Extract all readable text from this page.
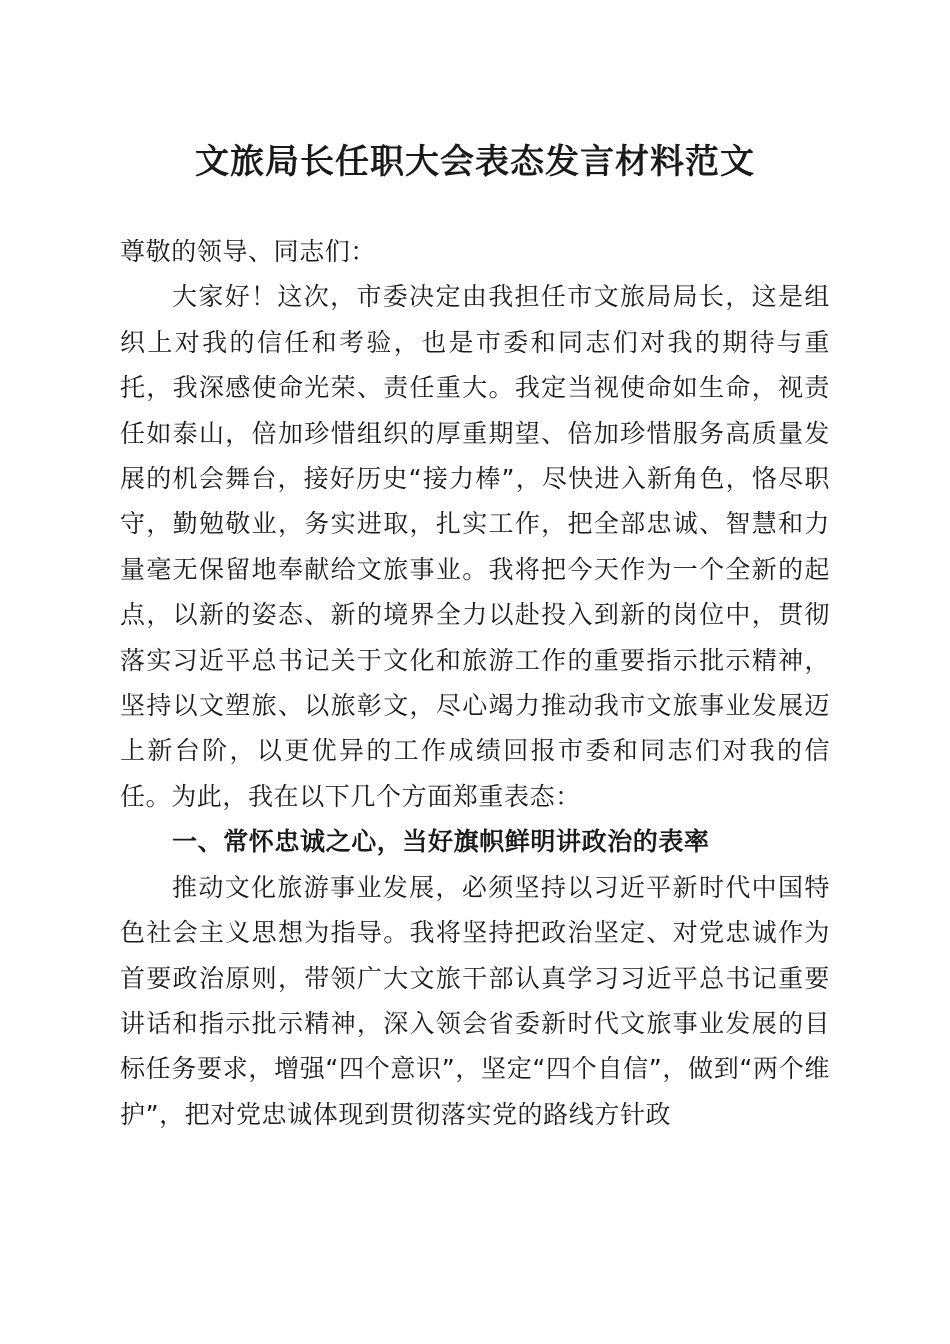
文旅局长任职大会表态发言材料范文

尊敬的领导、同志们：

大家好！这次，市委决定由我担任市文旅局局长，这是组织上对我的信任和考验，也是市委和同志们对我的期待与重托，我深感使命光荣、责任重大。我定当视使命如生命，视责任如泰山，倍加珍惜组织的厚重期望、倍加珍惜服务高质量发展的机会舞台，接好历史“接力棒”，尽快进入新角色，恪尽职守，勤勉敬业，务实进取，扎实工作，把全部忠诚、智慧和力量毫无保留地奉献给文旅事业。我将把今天作为一个全新的起点，以新的姿态、新的境界全力以赴投入到新的岗位中，贯彻落实习近平总书记关于文化和旅游工作的重要指示批示精神，坚持以文塑旅、以旅彰文，尽心竭力推动我市文旅事业发展迈上新台阶，以更优异的工作成绩回报市委和同志们对我的信任。为此，我在以下几个方面郑重表态：

一、常怀忠诚之心，当好旗帜鲜明讲政治的表率

推动文化旅游事业发展，必须坚持以习近平新时代中国特色社会主义思想为指导。我将坚持把政治坚定、对党忠诚作为首要政治原则，带领广大文旅干部认真学习习近平总书记重要讲话和指示批示精神，深入领会省委新时代文旅事业发展的目标任务要求，增强“四个意识”，坚定“四个自信”，做到“两个维护”，把对党忠诚体现到贯彻落实党的路线方针政
